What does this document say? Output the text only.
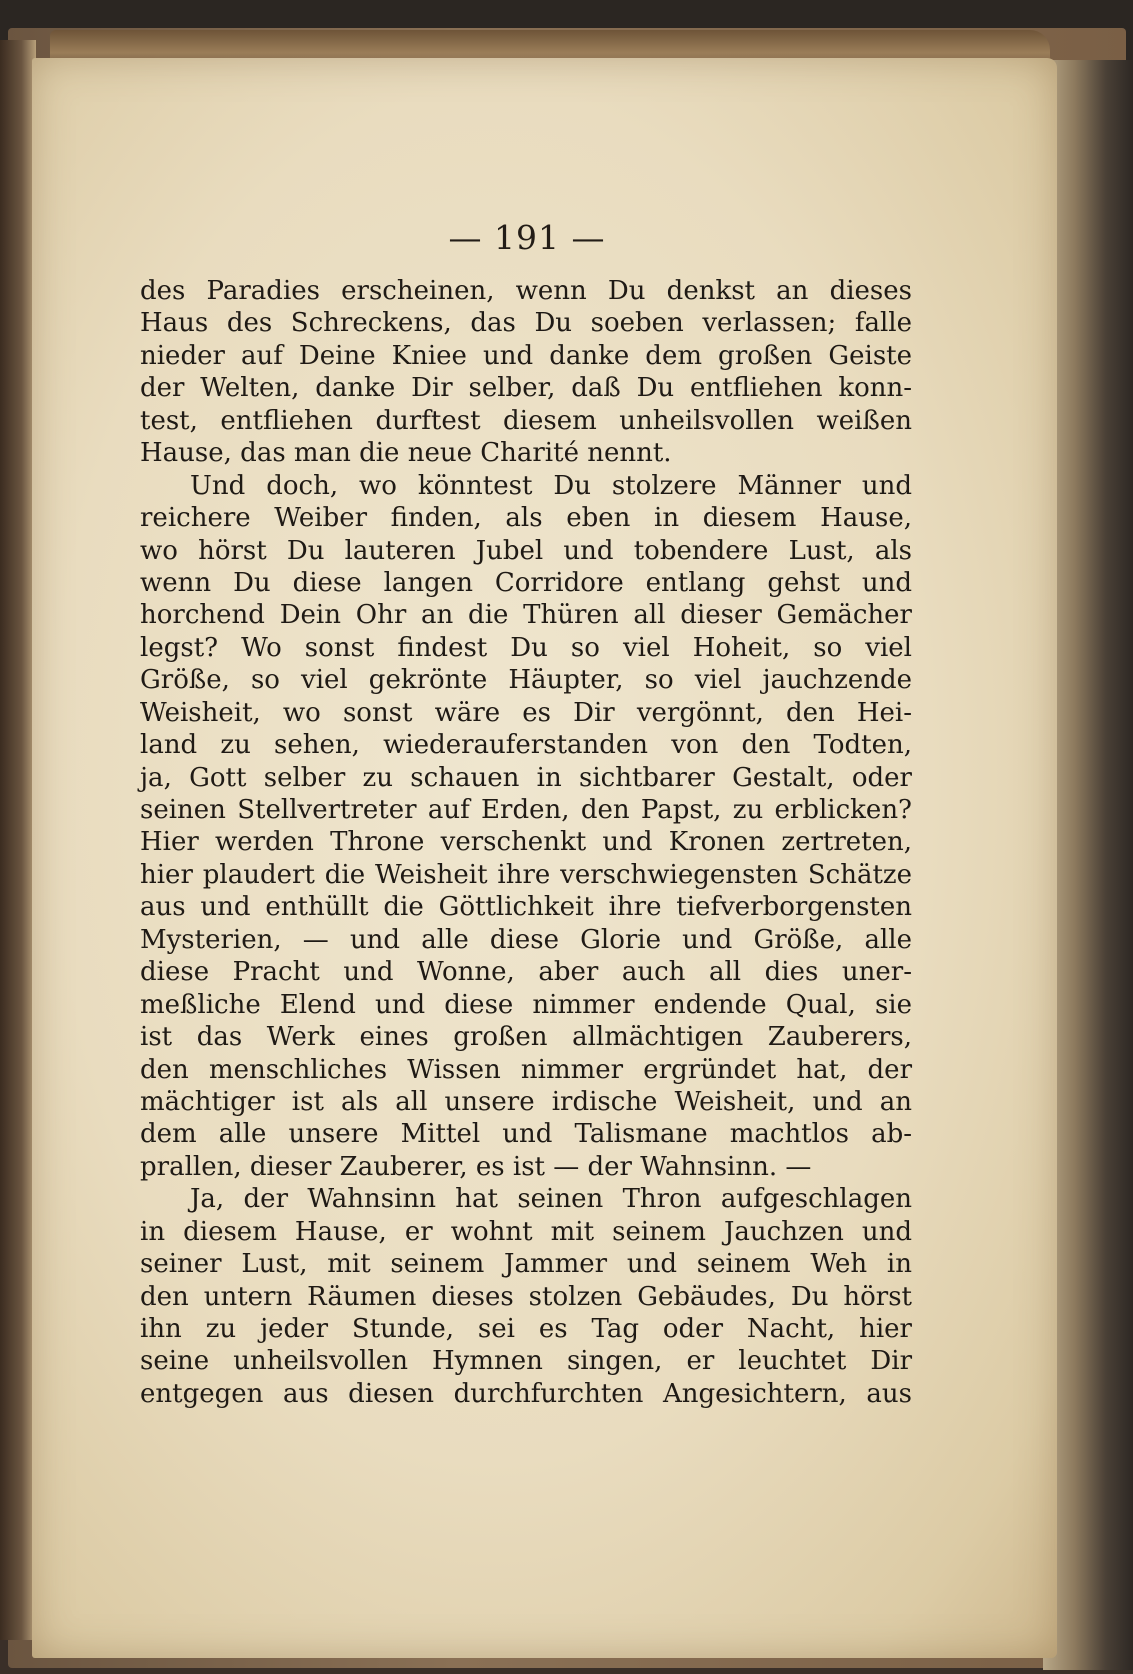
— 191 —
des Paradies erscheinen, wenn Du denkst an dieses
Haus des Schreckens, das Du soeben verlassen; falle
nieder auf Deine Kniee und danke dem großen Geiste
der Welten, danke Dir selber, daß Du entfliehen konn-
test, entfliehen durftest diesem unheilsvollen weißen
Hause, das man die neue Charité nennt.
Und doch, wo könntest Du stolzere Männer und
reichere Weiber finden, als eben in diesem Hause,
wo hörst Du lauteren Jubel und tobendere Lust, als
wenn Du diese langen Corridore entlang gehst und
horchend Dein Ohr an die Thüren all dieser Gemächer
legst? Wo sonst findest Du so viel Hoheit, so viel
Größe, so viel gekrönte Häupter, so viel jauchzende
Weisheit, wo sonst wäre es Dir vergönnt, den Hei-
land zu sehen, wiederauferstanden von den Todten,
ja, Gott selber zu schauen in sichtbarer Gestalt, oder
seinen Stellvertreter auf Erden, den Papst, zu erblicken?
Hier werden Throne verschenkt und Kronen zertreten,
hier plaudert die Weisheit ihre verschwiegensten Schätze
aus und enthüllt die Göttlichkeit ihre tiefverborgensten
Mysterien, — und alle diese Glorie und Größe, alle
diese Pracht und Wonne, aber auch all dies uner-
meßliche Elend und diese nimmer endende Qual, sie
ist das Werk eines großen allmächtigen Zauberers,
den menschliches Wissen nimmer ergründet hat, der
mächtiger ist als all unsere irdische Weisheit, und an
dem alle unsere Mittel und Talismane machtlos ab-
prallen, dieser Zauberer, es ist — der Wahnsinn. —
Ja, der Wahnsinn hat seinen Thron aufgeschlagen
in diesem Hause, er wohnt mit seinem Jauchzen und
seiner Lust, mit seinem Jammer und seinem Weh in
den untern Räumen dieses stolzen Gebäudes, Du hörst
ihn zu jeder Stunde, sei es Tag oder Nacht, hier
seine unheilsvollen Hymnen singen, er leuchtet Dir
entgegen aus diesen durchfurchten Angesichtern, aus
